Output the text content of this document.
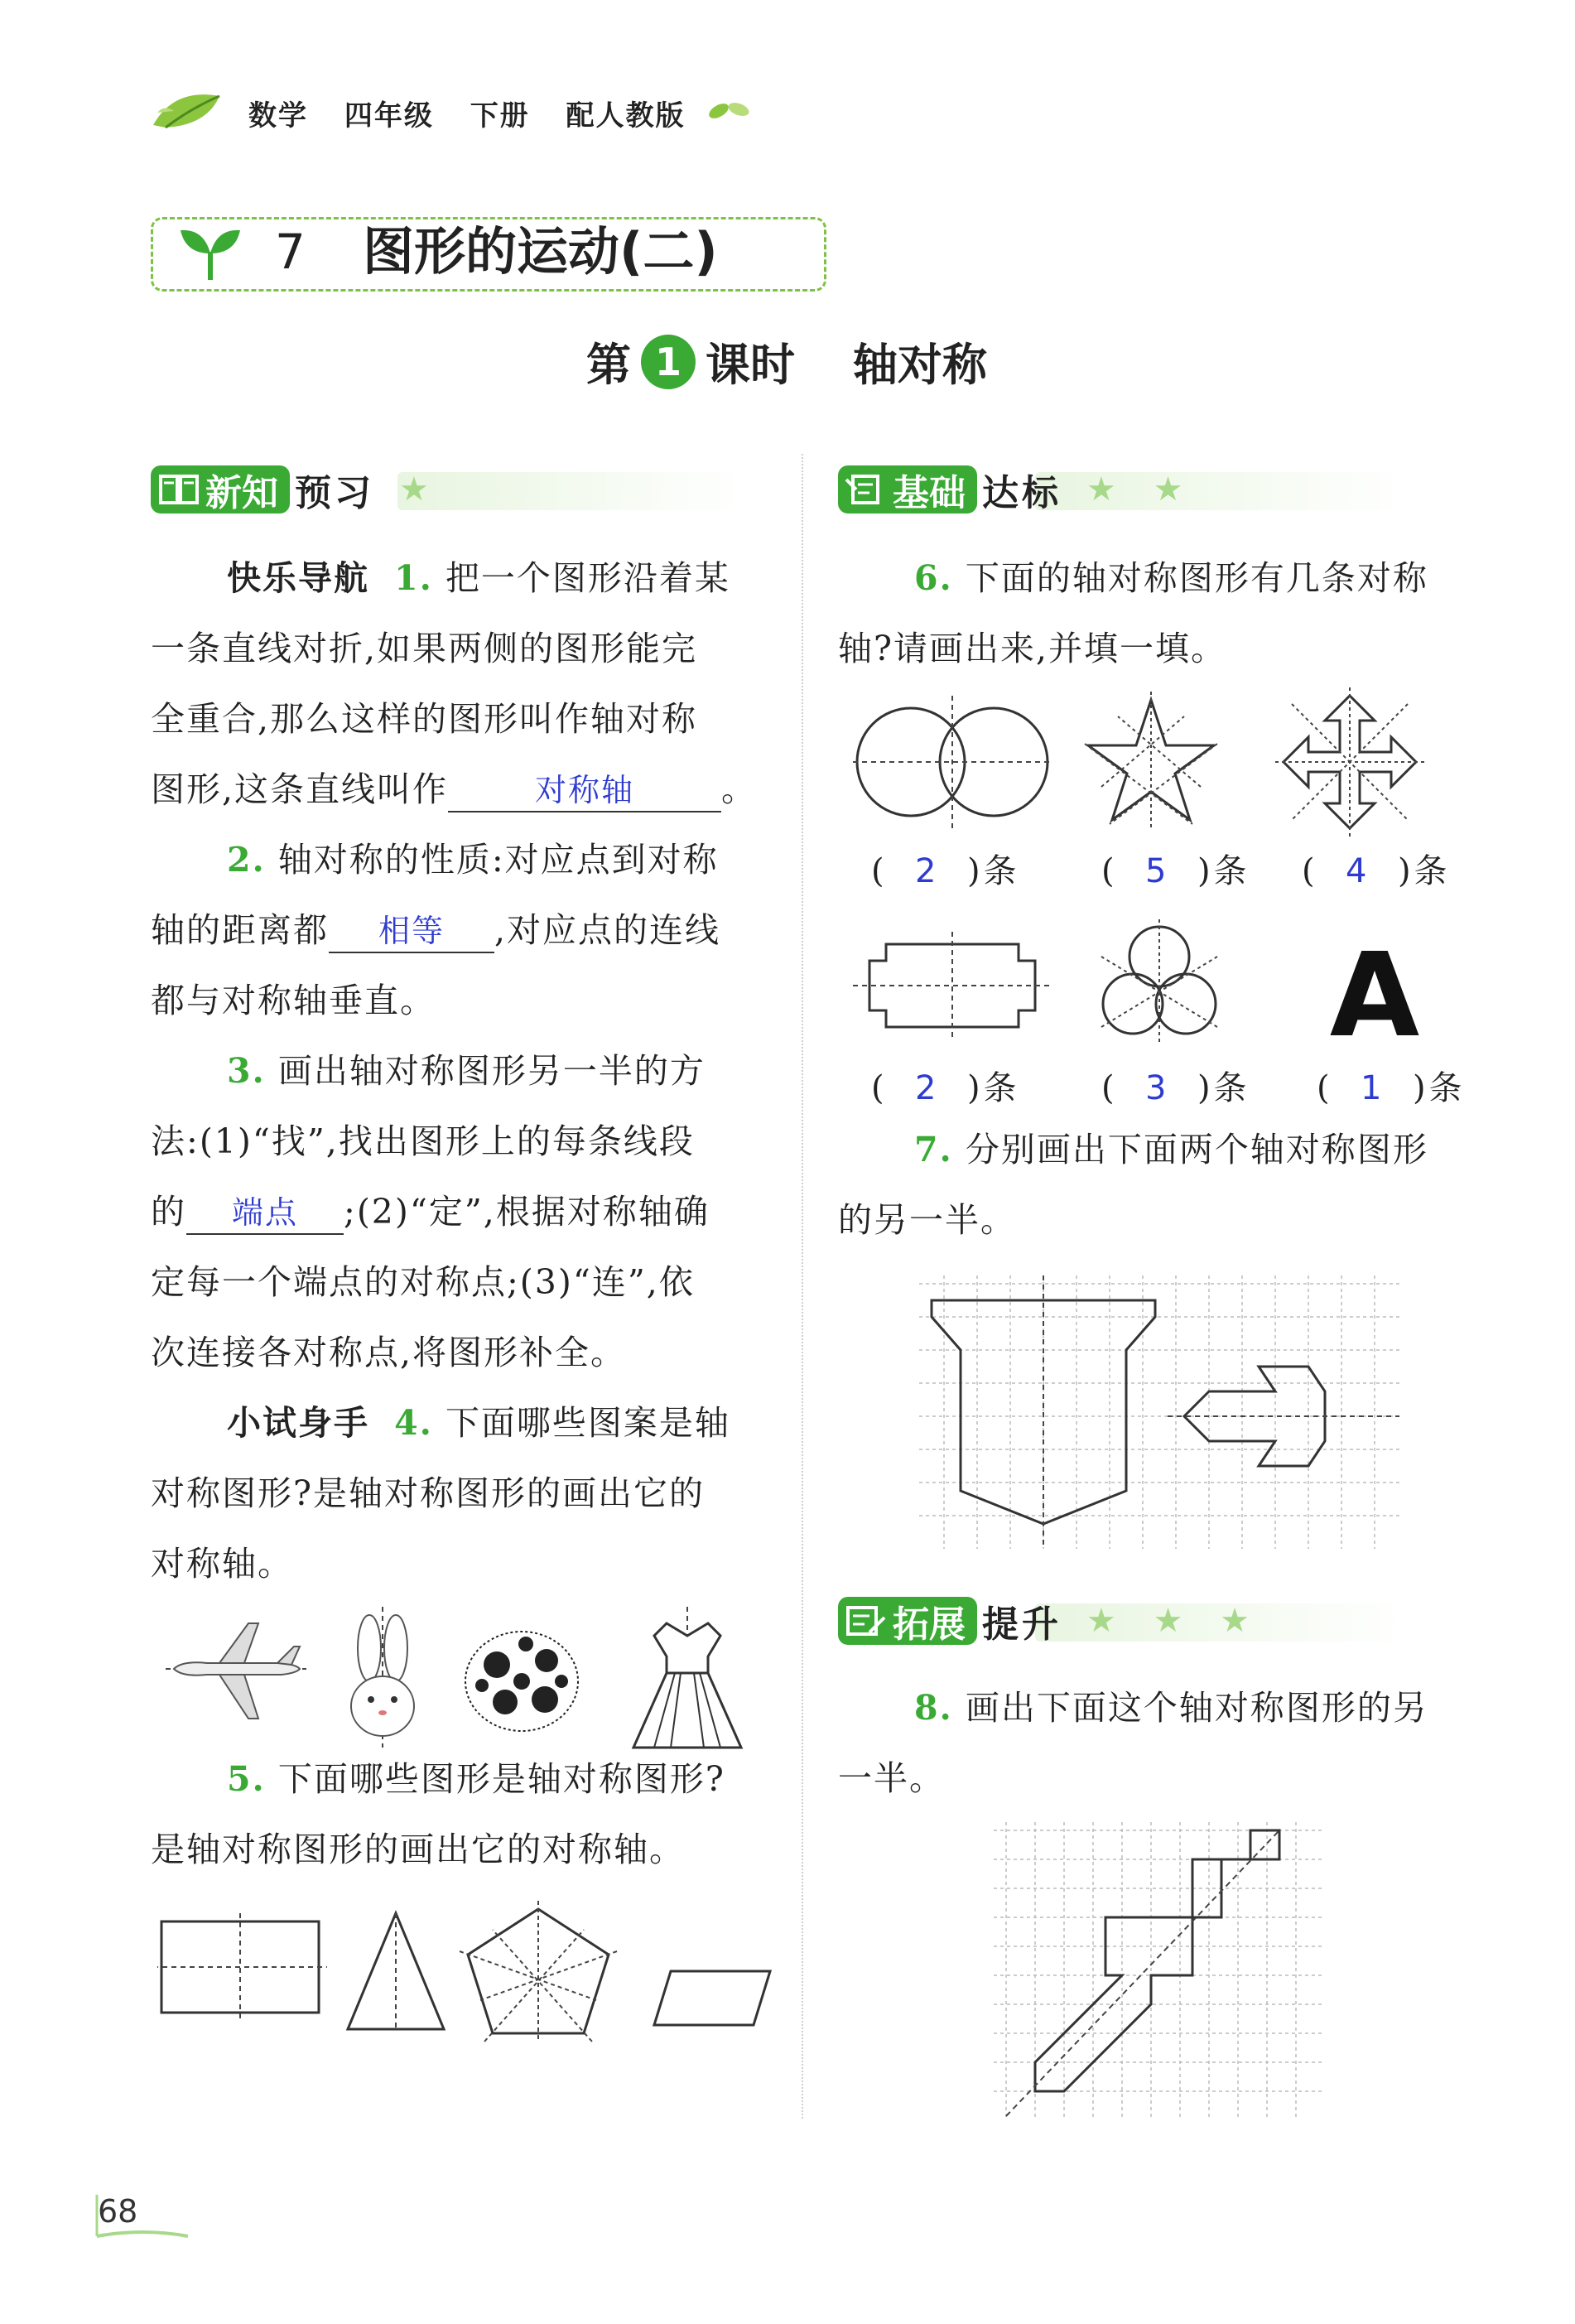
数学 四年级 下册 配人教版
7 图形的运动(二)
第 1 课时 轴对称
新知 预习 ★
快乐导航 1. 把一个图形沿着某
一条直线对折,如果两侧的图形能完
全重合,那么这样的图形叫作轴对称
图形,这条直线叫作	对称轴	。
2. 轴对称的性质:对应点到对称
轴的距离都 相等 ,对应点的连线
都与对称轴垂直。
3. 画出轴对称图形另一半的方
法:(1)“找”,找出图形上的每条线段
的 端点 ;(2)“定”,根据对称轴确
定每一个端点的对称点;(3)“连”,依
次连接各对称点,将图形补全。
小试身手 4. 下面哪些图案是轴
对称图形?是轴对称图形的画出它的
对称轴。
5. 下面哪些图形是轴对称图形?
是轴对称图形的画出它的对称轴。
基础 达标 ★ ★
6. 下面的轴对称图形有几条对称
轴?请画出来,并填一填。
( 2 )条	( 5 )条	( 4 )条
A
( 2 )条	( 3 )条	( 1 )条
7. 分别画出下面两个轴对称图形
的另一半。
拓展 提升 ★ ★ ★
8. 画出下面这个轴对称图形的另
一半。
68
